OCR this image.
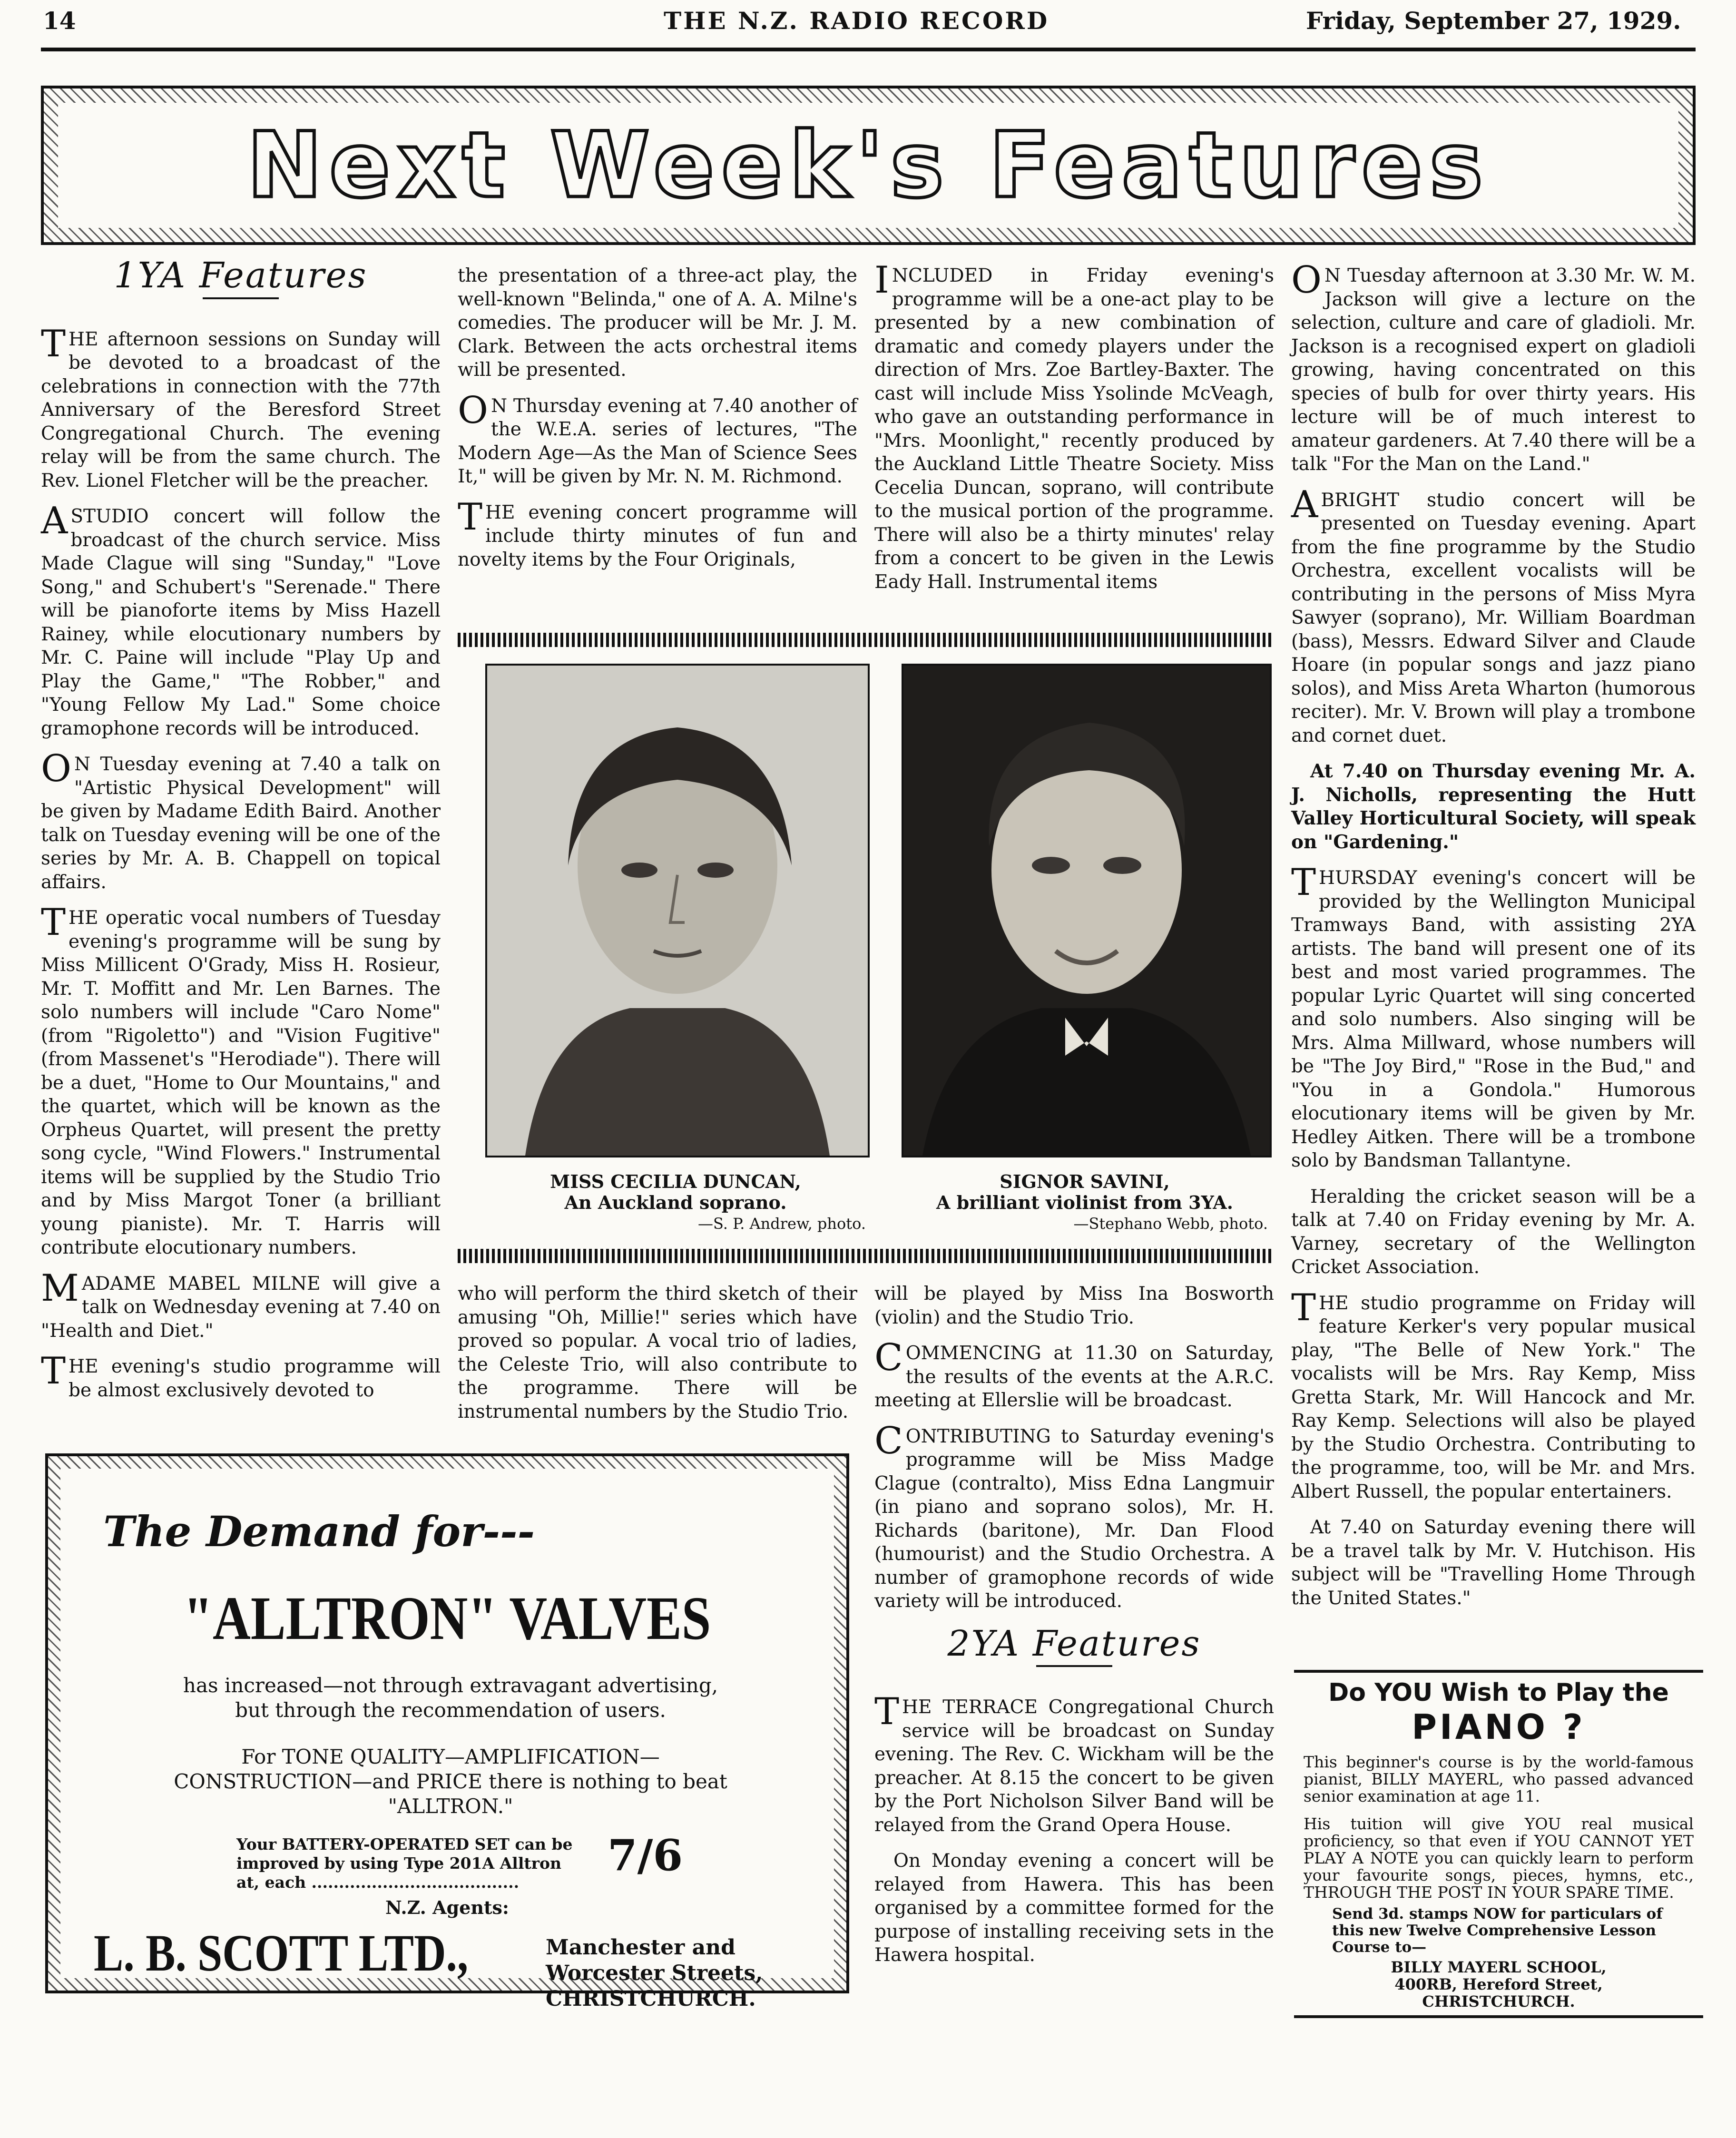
14	THE N.Z. RADIO RECORD	Friday, September 27, 1929.
Next Week's Features
1YA Features

THE afternoon sessions on Sunday will be devoted to a broadcast of the celebrations in connection with the 77th Anniversary of the Beresford Street Congregational Church. The evening relay will be from the same church. The Rev. Lionel Fletcher will be the preacher.

A STUDIO concert will follow the broadcast of the church service. Miss Made Clague will sing "Sunday," "Love Song," and Schubert's "Serenade." There will be pianoforte items by Miss Hazell Rainey, while elocutionary numbers by Mr. C. Paine will include "Play Up and Play the Game," "The Robber," and "Young Fellow My Lad." Some choice gramophone records will be introduced.

O N Tuesday evening at 7.40 a talk on "Artistic Physical Development" will be given by Madame Edith Baird. Another talk on Tuesday evening will be one of the series by Mr. A. B. Chappell on topical affairs.

THE operatic vocal numbers of Tuesday evening's programme will be sung by Miss Millicent O'Grady, Miss H. Rosieur, Mr. T. Moffitt and Mr. Len Barnes. The solo numbers will include "Caro Nome" (from "Rigoletto") and "Vision Fugitive" (from Massenet's "Herodiade"). There will be a duet, "Home to Our Mountains," and the quartet, which will be known as the Orpheus Quartet, will present the pretty song cycle, "Wind Flowers." Instrumental items will be supplied by the Studio Trio and by Miss Margot Toner (a brilliant young pianiste). Mr. T. Harris will contribute elocutionary numbers.

MADAME MABEL MILNE will give a talk on Wednesday evening at 7.40 on "Health and Diet."

THE evening's studio programme will be almost exclusively devoted to

the presentation of a three-act play, the well-known "Belinda," one of A. A. Milne's comedies. The producer will be Mr. J. M. Clark. Between the acts orchestral items will be presented.

O N Thursday evening at 7.40 another of the W.E.A. series of lectures, "The Modern Age—As the Man of Science Sees It," will be given by Mr. N. M. Richmond.

THE evening concert programme will include thirty minutes of fun and novelty items by the Four Originals,

INCLUDED in Friday evening's programme will be a one-act play to be presented by a new combination of dramatic and comedy players under the direction of Mrs. Zoe Bartley-Baxter. The cast will include Miss Ysolinde McVeagh, who gave an outstanding performance in "Mrs. Moonlight," recently produced by the Auckland Little Theatre Society. Miss Cecelia Duncan, soprano, will contribute to the musical portion of the programme. There will also be a thirty minutes' relay from a concert to be given in the Lewis Eady Hall. Instrumental items

MISS CECILIA DUNCAN,
An Auckland soprano.
—S. P. Andrew, photo.
SIGNOR SAVINI,
A brilliant violinist from 3YA.
—Stephano Webb, photo.

who will perform the third sketch of their amusing "Oh, Millie!" series which have proved so popular. A vocal trio of ladies, the Celeste Trio, will also contribute to the programme. There will be instrumental numbers by the Studio Trio.

will be played by Miss Ina Bosworth (violin) and the Studio Trio.

COMMENCING at 11.30 on Saturday, the results of the events at the A.R.C. meeting at Ellerslie will be broadcast.

CONTRIBUTING to Saturday evening's programme will be Miss Madge Clague (contralto), Miss Edna Langmuir (in piano and soprano solos), Mr. H. Richards (baritone), Mr. Dan Flood (humourist) and the Studio Orchestra. A number of gramophone records of wide variety will be introduced.

2YA Features

THE TERRACE Congregational Church service will be broadcast on Sunday evening. The Rev. C. Wickham will be the preacher. At 8.15 the concert to be given by the Port Nicholson Silver Band will be relayed from the Grand Opera House.

On Monday evening a concert will be relayed from Hawera. This has been organised by a committee formed for the purpose of installing receiving sets in the Hawera hospital.

O N Tuesday afternoon at 3.30 Mr. W. M. Jackson will give a lecture on the selection, culture and care of gladioli. Mr. Jackson is a recognised expert on gladioli growing, having concentrated on this species of bulb for over thirty years. His lecture will be of much interest to amateur gardeners. At 7.40 there will be a talk "For the Man on the Land."

A BRIGHT studio concert will be presented on Tuesday evening. Apart from the fine programme by the Studio Orchestra, excellent vocalists will be contributing in the persons of Miss Myra Sawyer (soprano), Mr. William Boardman (bass), Messrs. Edward Silver and Claude Hoare (in popular songs and jazz piano solos), and Miss Areta Wharton (humorous reciter). Mr. V. Brown will play a trombone and cornet duet.

At 7.40 on Thursday evening Mr. A. J. Nicholls, representing the Hutt Valley Horticultural Society, will speak on "Gardening."

THURSDAY evening's concert will be provided by the Wellington Municipal Tramways Band, with assisting 2YA artists. The band will present one of its best and most varied programmes. The popular Lyric Quartet will sing concerted and solo numbers. Also singing will be Mrs. Alma Millward, whose numbers will be "The Joy Bird," "Rose in the Bud," and "You in a Gondola." Humorous elocutionary items will be given by Mr. Hedley Aitken. There will be a trombone solo by Bandsman Tallantyne.

Heralding the cricket season will be a talk at 7.40 on Friday evening by Mr. A. Varney, secretary of the Wellington Cricket Association.

THE studio programme on Friday will feature Kerker's very popular musical play, "The Belle of New York." The vocalists will be Mrs. Ray Kemp, Miss Gretta Stark, Mr. Will Hancock and Mr. Ray Kemp. Selections will also be played by the Studio Orchestra. Contributing to the programme, too, will be Mr. and Mrs. Albert Russell, the popular entertainers.

At 7.40 on Saturday evening there will be a travel talk by Mr. V. Hutchison. His subject will be "Travelling Home Through the United States."

The Demand for---
"ALLTRON" VALVES
has increased—not through extravagant advertising, but through the recommendation of users.
For TONE QUALITY—AMPLIFICATION—CONSTRUCTION—and PRICE there is nothing to beat "ALLTRON."
Your BATTERY-OPERATED SET can be improved by using Type 201A Alltron at, each ......................................
7/6
N.Z. Agents:
L. B. SCOTT LTD.,	Manchester and Worcester Streets, CHRISTCHURCH.
Do YOU Wish to Play the
PIANO ?
This beginner's course is by the world-famous pianist, BILLY MAYERL, who passed advanced senior examination at age 11.
His tuition will give YOU real musical proficiency, so that even if YOU CANNOT YET PLAY A NOTE you can quickly learn to perform your favourite songs, pieces, hymns, etc., THROUGH THE POST IN YOUR SPARE TIME.
Send 3d. stamps NOW for particulars of this new Twelve Comprehensive Lesson Course to—
BILLY MAYERL SCHOOL,
400RB, Hereford Street,
CHRISTCHURCH.
